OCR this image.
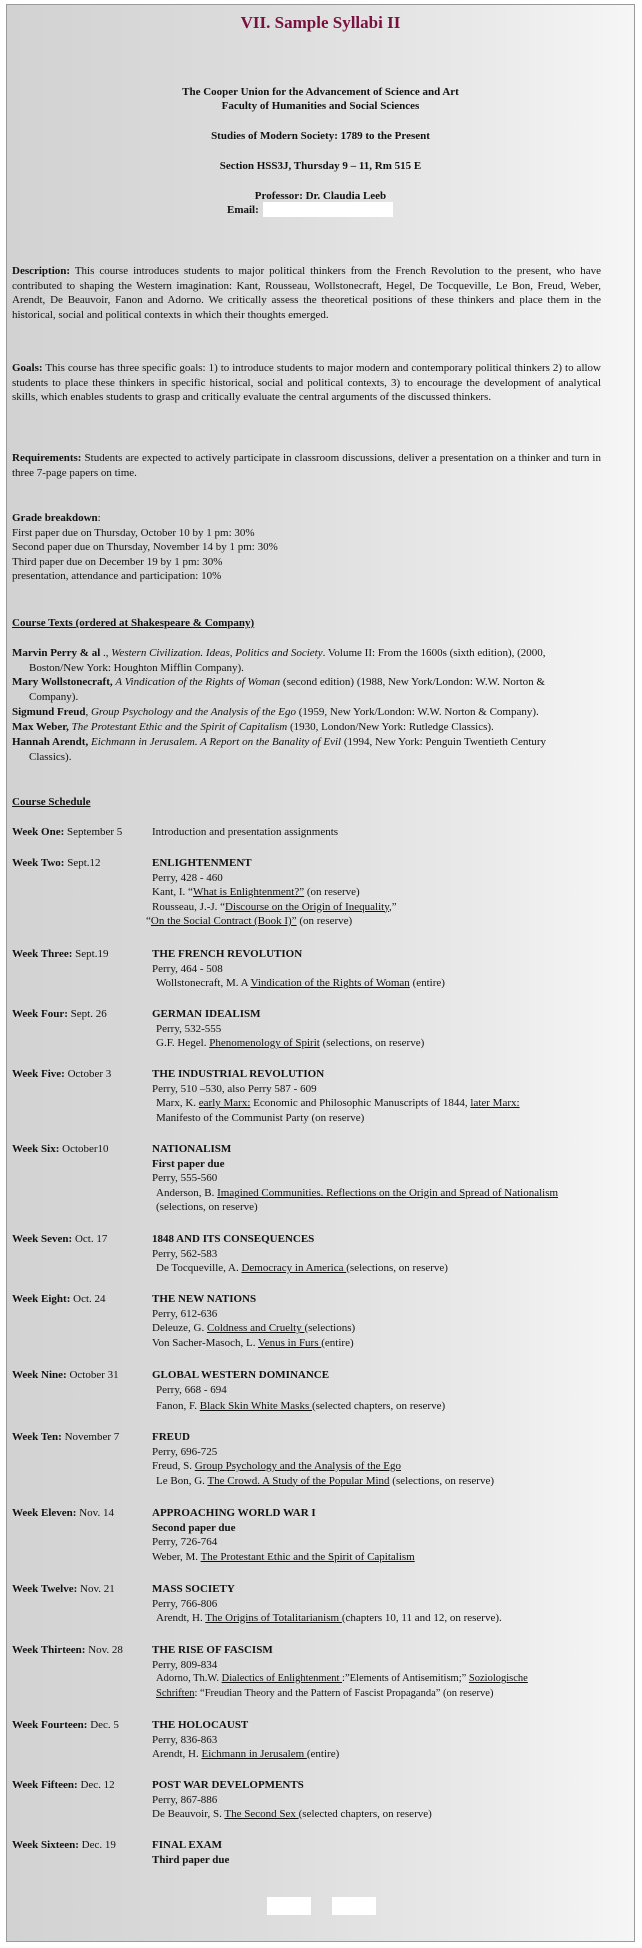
VII. Sample Syllabi II
The Cooper Union for the Advancement of Science and Art
Faculty of Humanities and Social Sciences
Studies of Modern Society: 1789 to the Present
Section HSS3J, Thursday 9 – 11, Rm 515 E
Professor: Dr. Claudia Leeb
Email:
Description: This course introduces students to major political thinkers from the French Revolution to the present, who have contributed to shaping the Western imagination: Kant, Rousseau, Wollstonecraft, Hegel, De Tocqueville, Le Bon, Freud, Weber, Arendt, De Beauvoir, Fanon and Adorno. We critically assess the theoretical positions of these thinkers and place them in the historical, social and political contexts in which their thoughts emerged.
Goals: This course has three specific goals: 1) to introduce students to major modern and contemporary political thinkers 2) to allow students to place these thinkers in specific historical, social and political contexts, 3) to encourage the development of analytical skills, which enables students to grasp and critically evaluate the central arguments of the discussed thinkers.
Requirements: Students are expected to actively participate in classroom discussions, deliver a presentation on a thinker and turn in three 7-page papers on time.
Grade breakdown:
First paper due on Thursday, October 10 by 1 pm: 30%
Second paper due on Thursday, November 14 by 1 pm: 30%
Third paper due on December 19 by 1 pm: 30%
presentation, attendance and participation: 10%
Course Texts (ordered at Shakespeare & Company)
Marvin Perry & al ., Western Civilization. Ideas, Politics and Society. Volume II: From the 1600s (sixth edition), (2000,
Boston/New York: Houghton Mifflin Company).
Mary Wollstonecraft, A Vindication of the Rights of Woman (second edition) (1988, New York/London: W.W. Norton &
Company).
Sigmund Freud, Group Psychology and the Analysis of the Ego (1959, New York/London: W.W. Norton & Company).
Max Weber, The Protestant Ethic and the Spirit of Capitalism (1930, London/New York: Rutledge Classics).
Hannah Arendt, Eichmann in Jerusalem. A Report on the Banality of Evil (1994, New York: Penguin Twentieth Century
Classics).
Course Schedule
Week One: September 5	Introduction and presentation assignments
Week Two: Sept.12	ENLIGHTENMENT
Perry, 428 - 460
Kant, I. “What is Enlightenment?” (on reserve)
Rousseau, J.-J. “Discourse on the Origin of Inequality,”
“On the Social Contract (Book I)” (on reserve)
Week Three: Sept.19	THE FRENCH REVOLUTION
Perry, 464 - 508
Wollstonecraft, M. A Vindication of the Rights of Woman (entire)
Week Four: Sept. 26	GERMAN IDEALISM
Perry, 532-555
G.F. Hegel. Phenomenology of Spirit (selections, on reserve)
Week Five: October 3	THE INDUSTRIAL REVOLUTION
Perry, 510 –530, also Perry 587 - 609
Marx, K. early Marx: Economic and Philosophic Manuscripts of 1844, later Marx:
Manifesto of the Communist Party (on reserve)
Week Six: October10	NATIONALISM
First paper due
Perry, 555-560
Anderson, B. Imagined Communities. Reflections on the Origin and Spread of Nationalism
(selections, on reserve)
Week Seven: Oct. 17	1848 AND ITS CONSEQUENCES
Perry, 562-583
De Tocqueville, A. Democracy in America (selections, on reserve)
Week Eight: Oct. 24	THE NEW NATIONS
Perry, 612-636
Deleuze, G. Coldness and Cruelty (selections)
Von Sacher-Masoch, L. Venus in Furs (entire)
Week Nine: October 31	GLOBAL WESTERN DOMINANCE
Perry, 668 - 694
Fanon, F. Black Skin White Masks (selected chapters, on reserve)
Week Ten: November 7	FREUD
Perry, 696-725
Freud, S. Group Psychology and the Analysis of the Ego
Le Bon, G. The Crowd. A Study of the Popular Mind (selections, on reserve)
Week Eleven: Nov. 14	APPROACHING WORLD WAR I
Second paper due
Perry, 726-764
Weber, M. The Protestant Ethic and the Spirit of Capitalism
Week Twelve: Nov. 21	MASS SOCIETY
Perry, 766-806
Arendt, H. The Origins of Totalitarianism (chapters 10, 11 and 12, on reserve).
Week Thirteen: Nov. 28	THE RISE OF FASCISM
Perry, 809-834
Adorno, Th.W. Dialectics of Enlightenment :”Elements of Antisemitism;” Soziologische
Schriften: “Freudian Theory and the Pattern of Fascist Propaganda” (on reserve)
Week Fourteen: Dec. 5	THE HOLOCAUST
Perry, 836-863
Arendt, H. Eichmann in Jerusalem (entire)
Week Fifteen: Dec. 12	POST WAR DEVELOPMENTS
Perry, 867-886
De Beauvoir, S. The Second Sex (selected chapters, on reserve)
Week Sixteen: Dec. 19	FINAL EXAM
Third paper due
